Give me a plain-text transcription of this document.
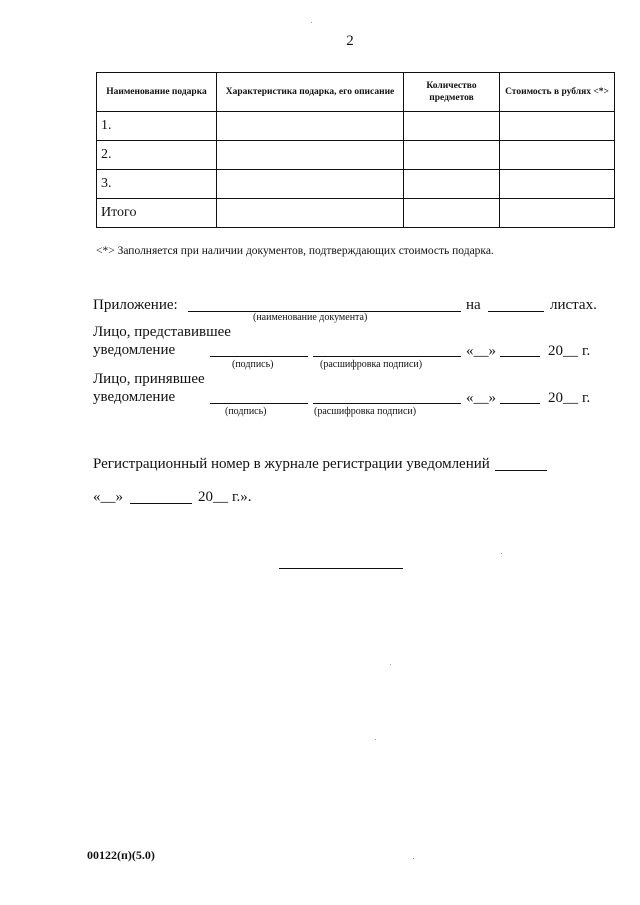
2
Наименование подарка	Характеристика подарка, его описание	Количество предметов	Стоимость в рублях <*>
1.			
2.			
3.			
Итого			
<*> Заполняется при наличии документов, подтверждающих стоимость подарка.
Приложение:	на	листах.
(наименование документа)
Лицо, представившее
уведомление	«__»	20__ г.
(подпись)	(расшифровка подписи)
Лицо, принявшее
уведомление	«__»	20__ г.
(подпись)	(расшифровка подписи)
Регистрационный номер в журнале регистрации уведомлений
«__»	20__ г.».
00122(п)(5.0)
